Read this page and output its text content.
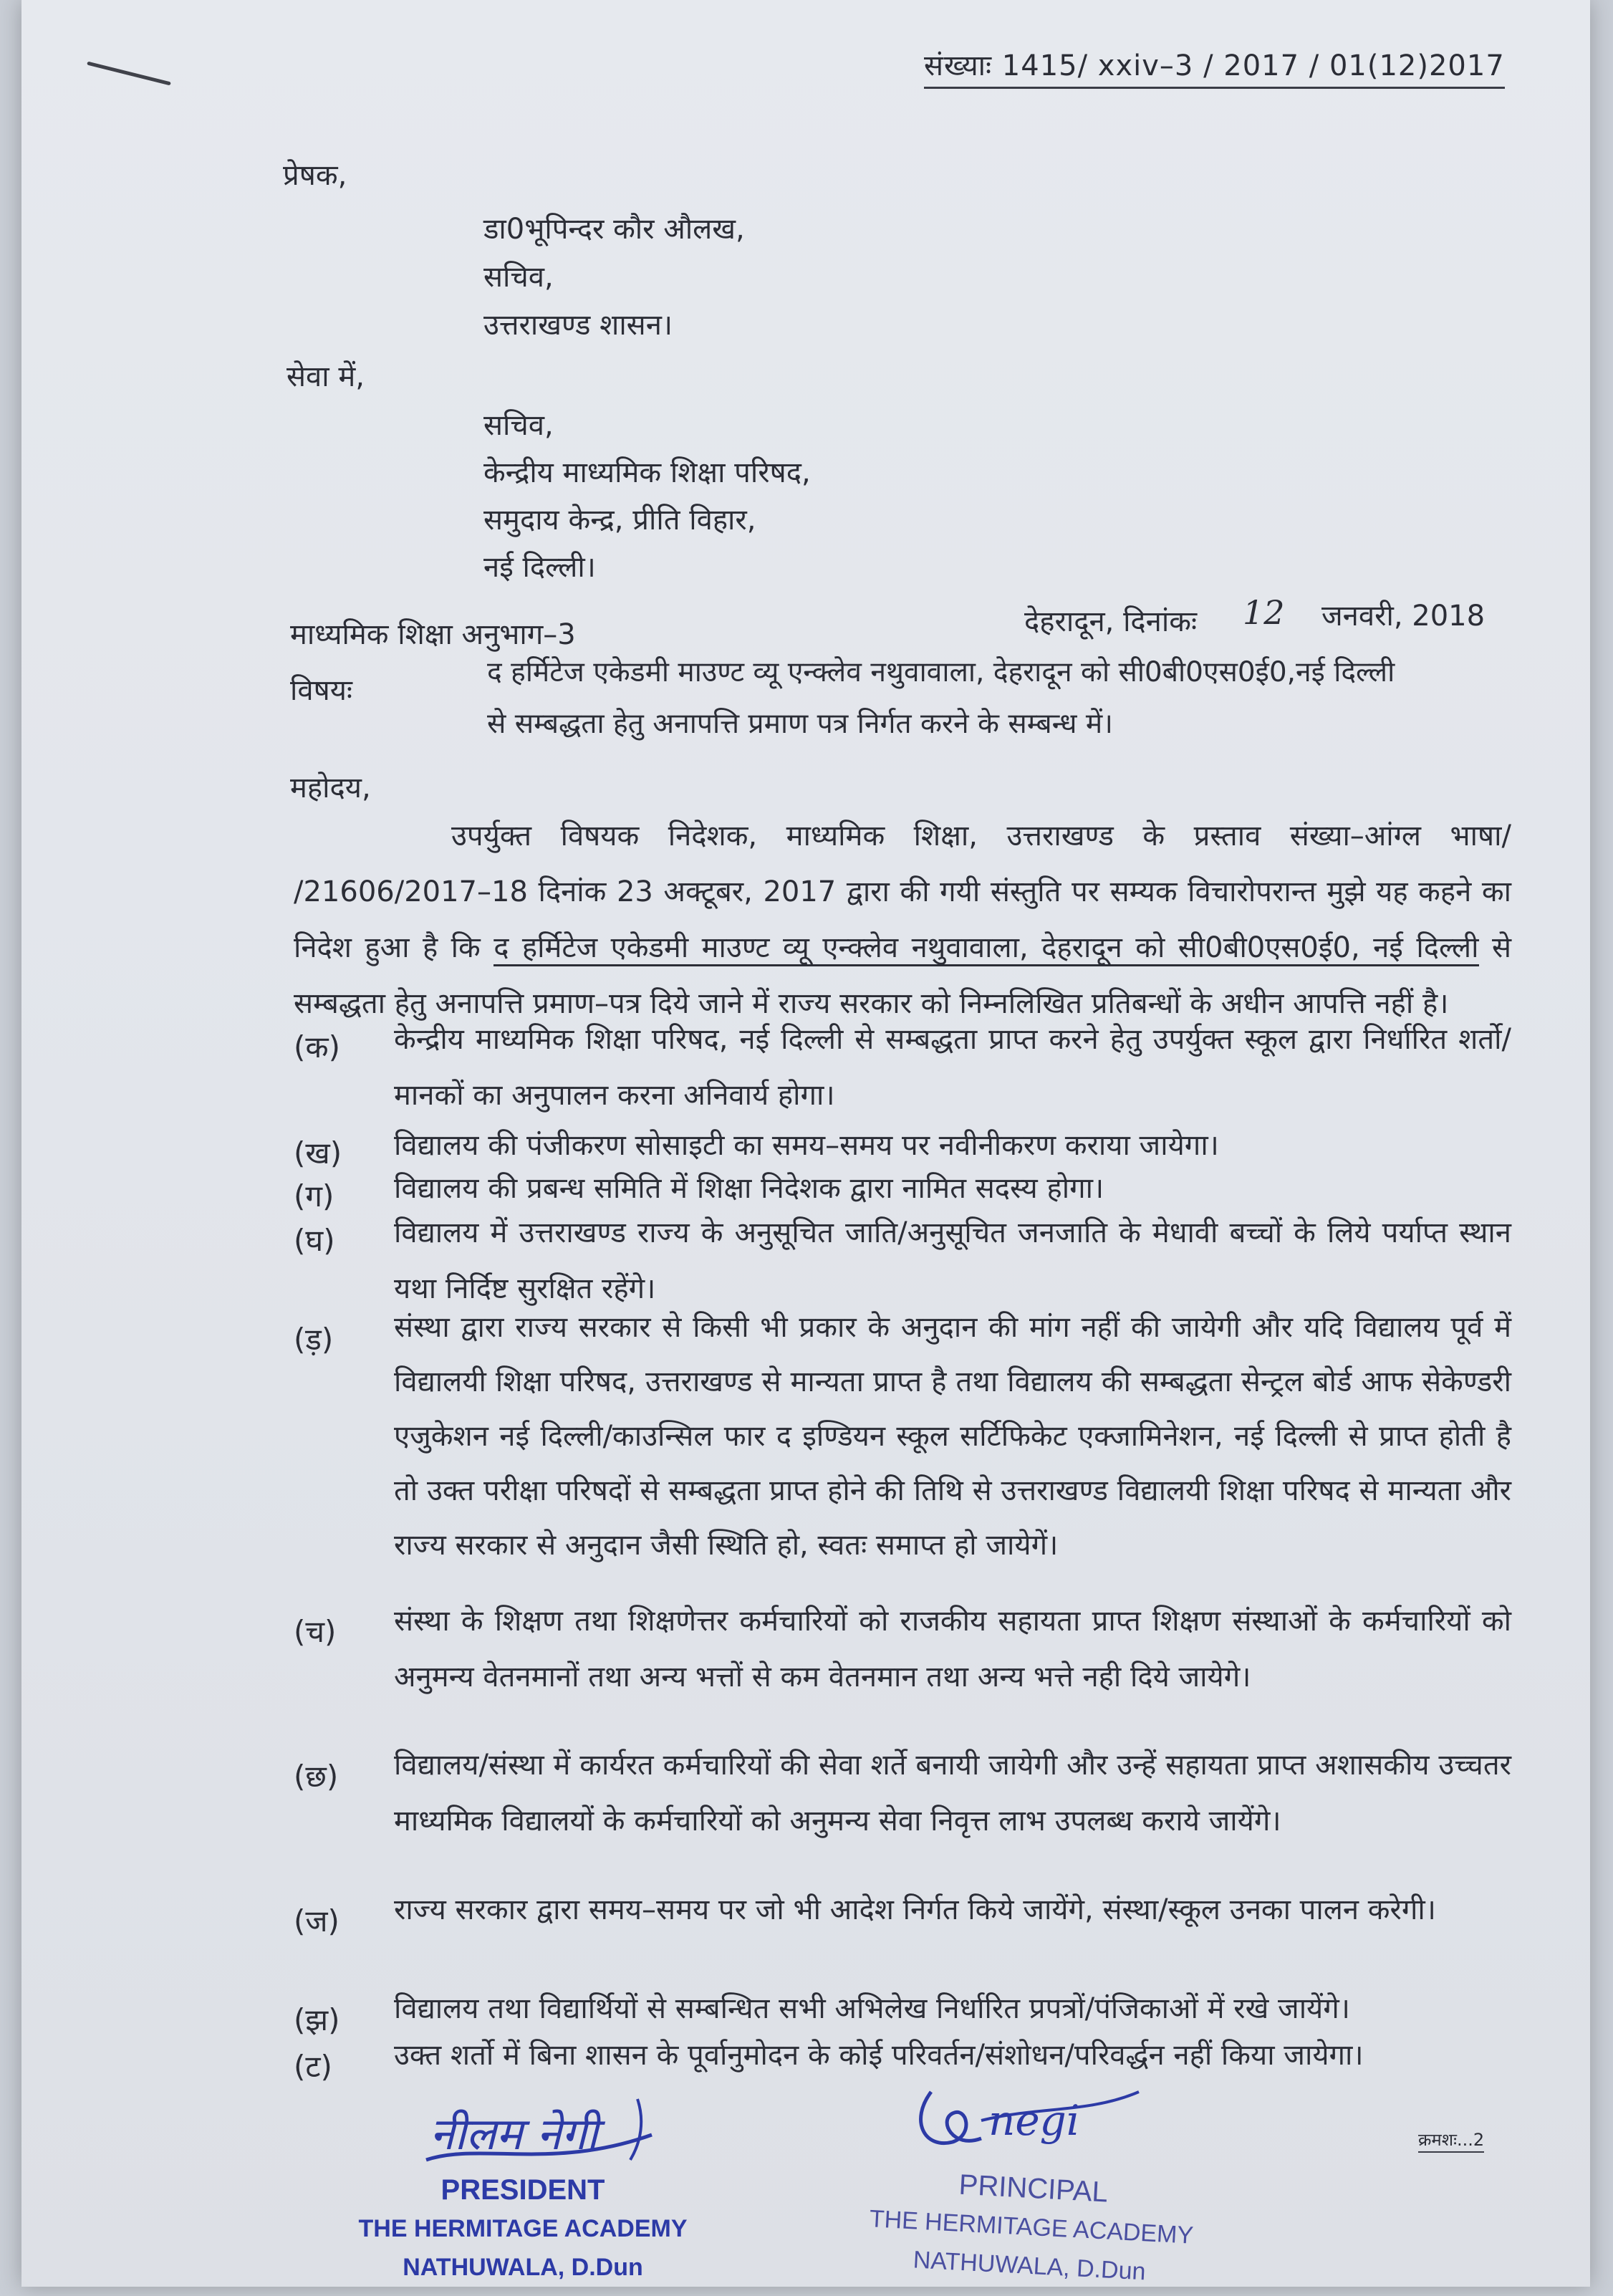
संख्याः 1415/ xxiv–3 / 2017 / 01(12)2017
प्रेषक,
डा0भूपिन्दर कौर औलख,
सचिव,
उत्तराखण्ड शासन।
सेवा में,
सचिव,
केन्द्रीय माध्यमिक शिक्षा परिषद,
समुदाय केन्द्र, प्रीति विहार,
नई दिल्ली।
माध्यमिक शिक्षा अनुभाग–3	देहरादून, दिनांकः 12 जनवरी, 2018
विषयः
द हर्मिटेज एकेडमी माउण्ट व्यू एन्क्लेव नथुवावाला, देहरादून को सी0बी0एस0ई0,नई दिल्ली
से सम्बद्धता हेतु अनापत्ति प्रमाण पत्र निर्गत करने के सम्बन्ध में।
महोदय,
उपर्युक्त विषयक निदेशक, माध्यमिक शिक्षा, उत्तराखण्ड के प्रस्ताव संख्या–आंग्ल भाषा/ /21606/2017–18 दिनांक 23 अक्टूबर, 2017 द्वारा की गयी संस्तुति पर सम्यक विचारोपरान्त मुझे यह कहने का निदेश हुआ है कि द हर्मिटेज एकेडमी माउण्ट व्यू एन्क्लेव नथुवावाला, देहरादून को सी0बी0एस0ई0, नई दिल्ली से सम्बद्धता हेतु अनापत्ति प्रमाण–पत्र दिये जाने में राज्य सरकार को निम्नलिखित प्रतिबन्धों के अधीन आपत्ति नहीं है।
(क) केन्द्रीय माध्यमिक शिक्षा परिषद, नई दिल्ली से सम्बद्धता प्राप्त करने हेतु उपर्युक्त स्कूल द्वारा निर्धारित शर्तो/मानकों का अनुपालन करना अनिवार्य होगा।
(ख) विद्यालय की पंजीकरण सोसाइटी का समय–समय पर नवीनीकरण कराया जायेगा।
(ग) विद्यालय की प्रबन्ध समिति में शिक्षा निदेशक द्वारा नामित सदस्य होगा।
(घ) विद्यालय में उत्तराखण्ड राज्य के अनुसूचित जाति/अनुसूचित जनजाति के मेधावी बच्चों के लिये पर्याप्त स्थान यथा निर्दिष्ट सुरक्षित रहेंगे।
(ड़) संस्था द्वारा राज्य सरकार से किसी भी प्रकार के अनुदान की मांग नहीं की जायेगी और यदि विद्यालय पूर्व में विद्यालयी शिक्षा परिषद, उत्तराखण्ड से मान्यता प्राप्त है तथा विद्यालय की सम्बद्धता सेन्ट्रल बोर्ड आफ सेकेण्डरी एजुकेशन नई दिल्ली/काउन्सिल फार द इण्डियन स्कूल सर्टिफिकेट एक्जामिनेशन, नई दिल्ली से प्राप्त होती है तो उक्त परीक्षा परिषदों से सम्बद्धता प्राप्त होने की तिथि से उत्तराखण्ड विद्यालयी शिक्षा परिषद से मान्यता और राज्य सरकार से अनुदान जैसी स्थिति हो, स्वतः समाप्त हो जायेगें।
(च) संस्था के शिक्षण तथा शिक्षणेत्तर कर्मचारियों को राजकीय सहायता प्राप्त शिक्षण संस्थाओं के कर्मचारियों को अनुमन्य वेतनमानों तथा अन्य भत्तों से कम वेतनमान तथा अन्य भत्ते नही दिये जायेगे।
(छ) विद्यालय/संस्था में कार्यरत कर्मचारियों की सेवा शर्ते बनायी जायेगी और उन्हें सहायता प्राप्त अशासकीय उच्चतर माध्यमिक विद्यालयों के कर्मचारियों को अनुमन्य सेवा निवृत्त लाभ उपलब्ध कराये जायेंगे।
(ज) राज्य सरकार द्वारा समय–समय पर जो भी आदेश निर्गत किये जायेंगे, संस्था/स्कूल उनका पालन करेगी।
(झ) विद्यालय तथा विद्यार्थियों से सम्बन्धित सभी अभिलेख निर्धारित प्रपत्रों/पंजिकाओं में रखे जायेंगे।
(ट) उक्त शर्तो में बिना शासन के पूर्वानुमोदन के कोई परिवर्तन/संशोधन/परिवर्द्धन नहीं किया जायेगा।
नीलम नेगी	negi
PRESIDENT
THE HERMITAGE ACADEMY
NATHUWALA, D.Dun
PRINCIPAL
THE HERMITAGE ACADEMY
NATHUWALA, D.Dun
क्रमशः...2
